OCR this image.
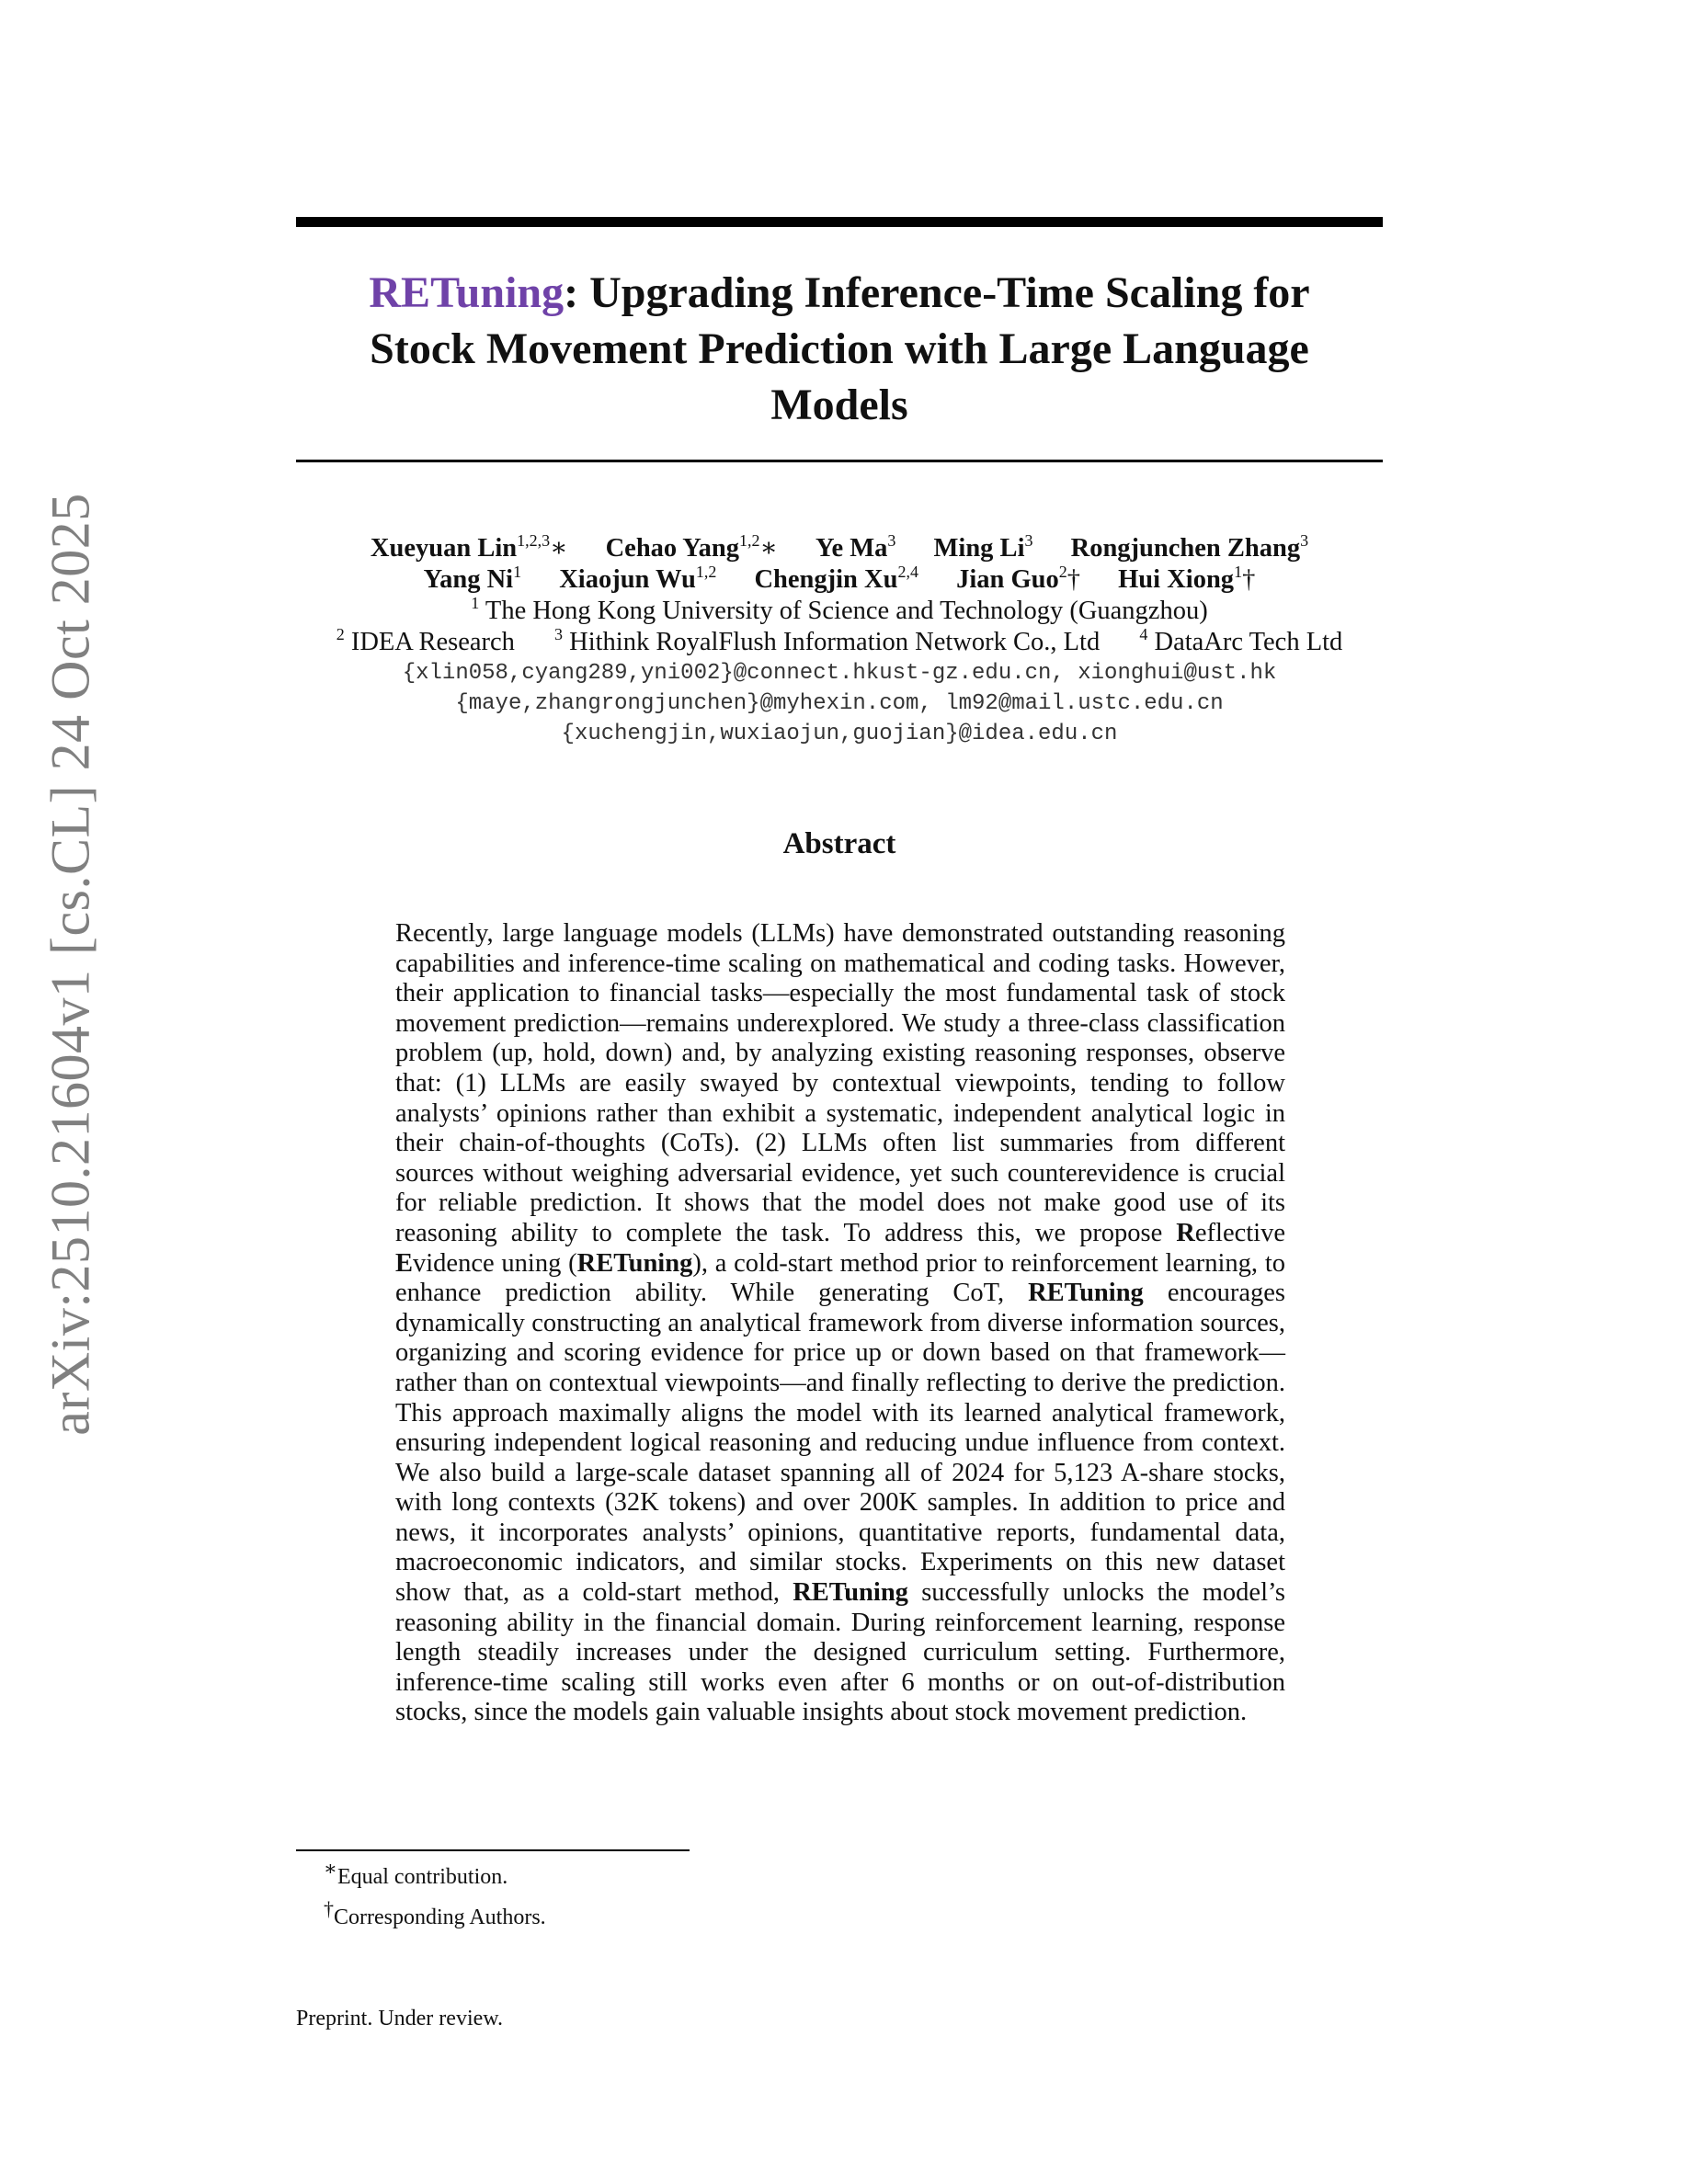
arXiv:2510.21604v1 [cs.CL] 24 Oct 2025
RETuning: Upgrading Inference-Time Scaling for
Stock Movement Prediction with Large Language
Models
Xueyuan Lin$^{1,2,3}$∗ Cehao Yang$^{1,2}$∗ Ye Ma$^3$ Ming Li$^3$ Rongjunchen Zhang$^3$
Yang Ni$^1$ Xiaojun Wu$^{1,2}$ Chengjin Xu$^{2,4}$ Jian Guo$^2$† Hui Xiong$^1$†
$^1$ The Hong Kong University of Science and Technology (Guangzhou)
$^2$ IDEA Research $^3$ Hithink RoyalFlush Information Network Co., Ltd $^4$ DataArc Tech Ltd
{xlin058,cyang289,yni002}@connect.hkust-gz.edu.cn, xionghui@ust.hk
{maye,zhangrongjunchen}@myhexin.com, lm92@mail.ustc.edu.cn
{xuchengjin,wuxiaojun,guojian}@idea.edu.cn
Abstract

Recently, large language models (LLMs) have demonstrated outstanding reasoning capabilities and inference-time scaling on mathematical and coding tasks. However, their application to financial tasks—especially the most fundamental task of stock movement prediction—remains underexplored. We study a three-class classification problem (up, hold, down) and, by analyzing existing reasoning responses, observe that: (1) LLMs are easily swayed by contextual viewpoints, tending to follow analysts’ opinions rather than exhibit a systematic, independent analytical logic in their chain-of-thoughts (CoTs). (2) LLMs often list summaries from different sources without weighing adversarial evidence, yet such counterevidence is crucial for reliable prediction. It shows that the model does not make good use of its reasoning ability to complete the task. To address this, we propose Reflective Evidence uning (RETuning), a cold-start method prior to reinforcement learning, to enhance prediction ability. While generating CoT, RETuning encourages dynamically constructing an analytical framework from diverse information sources, organizing and scoring evidence for price up or down based on that framework—rather than on contextual viewpoints—and finally reflecting to derive the prediction. This approach maximally aligns the model with its learned analytical framework, ensuring independent logical reasoning and reducing undue influence from context. We also build a large-scale dataset spanning all of 2024 for 5,123 A-share stocks, with long contexts (32K tokens) and over 200K samples. In addition to price and news, it incorporates analysts’ opinions, quantitative reports, fundamental data, macroeconomic indicators, and similar stocks. Experiments on this new dataset show that, as a cold-start method, RETuning successfully unlocks the model’s reasoning ability in the financial domain. During reinforcement learning, response length steadily increases under the designed curriculum setting. Furthermore, inference-time scaling still works even after 6 months or on out-of-distribution stocks, since the models gain valuable insights about stock movement prediction.

∗Equal contribution.
†Corresponding Authors.
Preprint. Under review.
